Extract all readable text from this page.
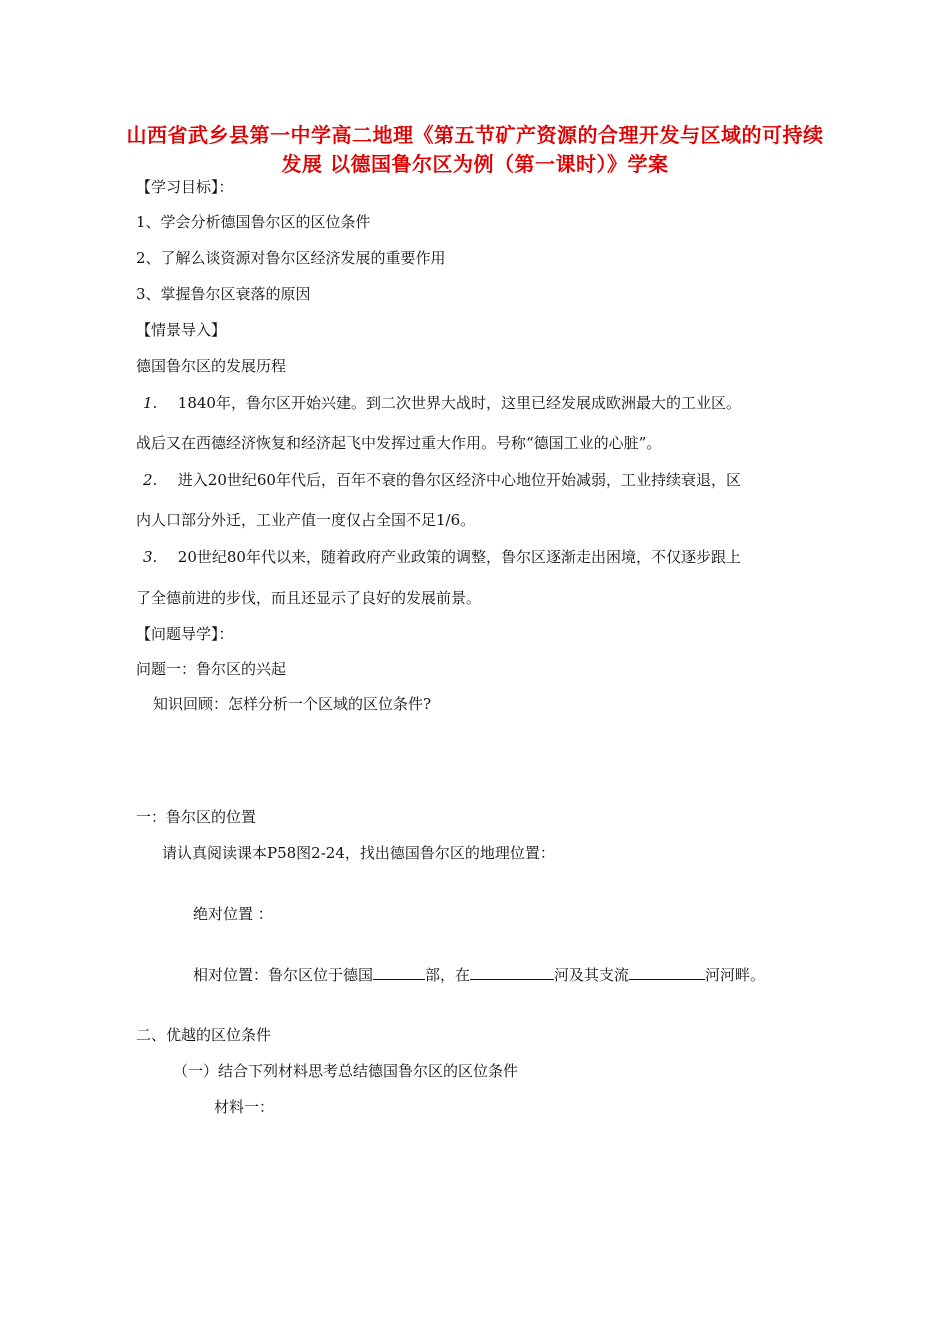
山西省武乡县第一中学高二地理《第五节矿产资源的合理开发与区域的可持续发展 以德国鲁尔区为例（第一课时）》学案
【学习目标】：
1、学会分析德国鲁尔区的区位条件
2、了解么谈资源对鲁尔区经济发展的重要作用
3、掌握鲁尔区衰落的原因
【情景导入】
德国鲁尔区的发展历程
1. 1840年，鲁尔区开始兴建。到二次世界大战时，这里已经发展成欧洲最大的工业区。
战后又在西德经济恢复和经济起飞中发挥过重大作用。号称“德国工业的心脏”。
2. 进入20世纪60年代后，百年不衰的鲁尔区经济中心地位开始减弱，工业持续衰退，区
内人口部分外迁，工业产值一度仅占全国不足1/6。
3. 20世纪80年代以来，随着政府产业政策的调整，鲁尔区逐渐走出困境，不仅逐步跟上
了全德前进的步伐，而且还显示了良好的发展前景。
【问题导学】：
问题一：鲁尔区的兴起
知识回顾：怎样分析一个区域的区位条件?
一：鲁尔区的位置
请认真阅读课本P58图2-24，找出德国鲁尔区的地理位置：
绝对位置 ：
相对位置：鲁尔区位于德国	部，在	河及其支流	河河畔。
二、优越的区位条件
（一）结合下列材料思考总结德国鲁尔区的区位条件
材料一：
